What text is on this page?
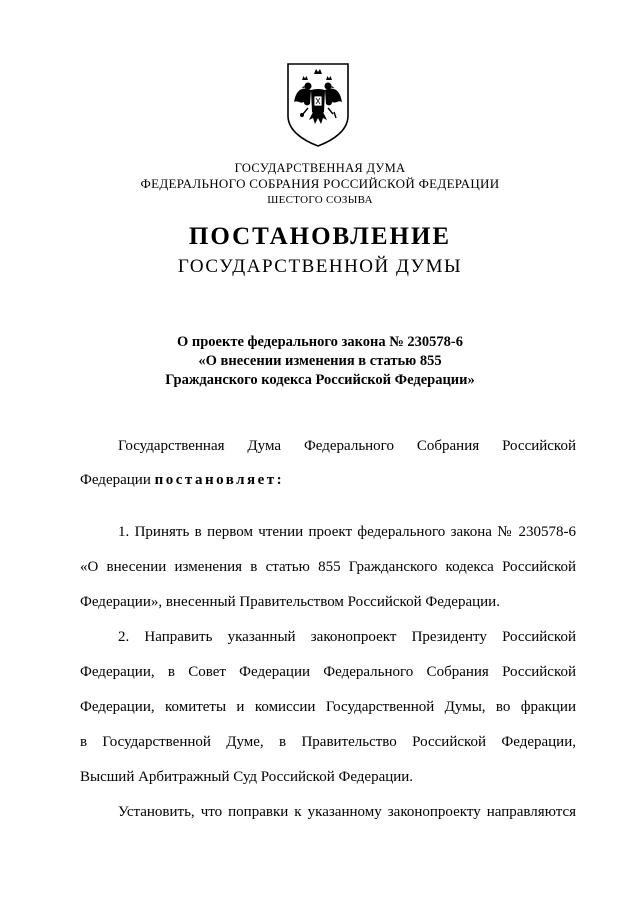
ГОСУДАРСТВЕННАЯ ДУМА
ФЕДЕРАЛЬНОГО СОБРАНИЯ РОССИЙСКОЙ ФЕДЕРАЦИИ
ШЕСТОГО СОЗЫВА
ПОСТАНОВЛЕНИЕ
ГОСУДАРСТВЕННОЙ ДУМЫ
О проекте федерального закона № 230578-6
«О внесении изменения в статью 855
Гражданского кодекса Российской Федерации»
Государственная Дума Федерального Собрания Российской
Федерации постановляет:
1. Принять в первом чтении проект федерального закона № 230578-6
«О внесении изменения в статью 855 Гражданского кодекса Российской
Федерации», внесенный Правительством Российской Федерации.
2. Направить указанный законопроект Президенту Российской
Федерации, в Совет Федерации Федерального Собрания Российской
Федерации, комитеты и комиссии Государственной Думы, во фракции
в Государственной Думе, в Правительство Российской Федерации,
Высший Арбитражный Суд Российской Федерации.
Установить, что поправки к указанному законопроекту направляются
